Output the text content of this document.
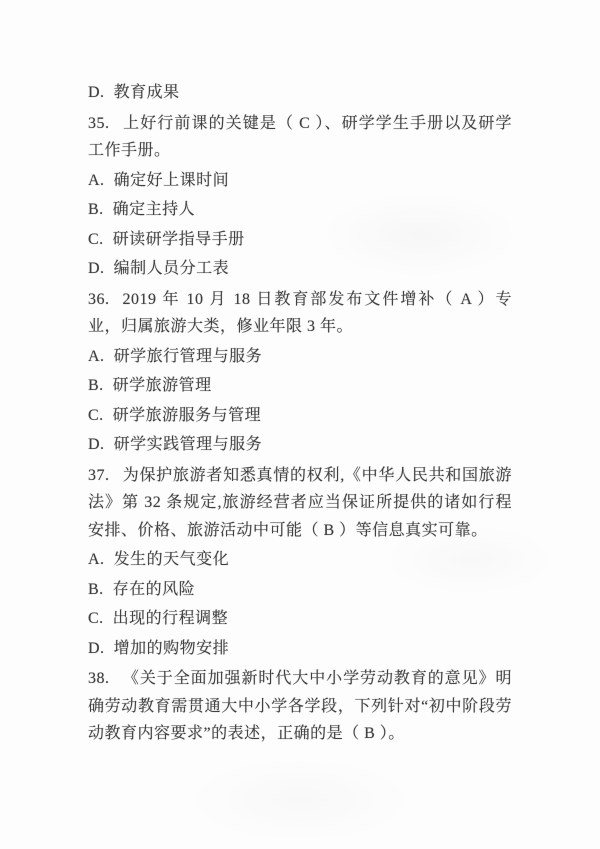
D. 教育成果

35. 上好行前课的关键是（ C ）、研学学生手册以及研学工作手册。

A. 确定好上课时间

B. 确定主持人

C. 研读研学指导手册

D. 编制人员分工表

36. 2019 年 10 月 18 日教育部发布文件增补（ A ）专业，归属旅游大类，修业年限 3 年。

A. 研学旅行管理与服务

B. 研学旅游管理

C. 研学旅游服务与管理

D. 研学实践管理与服务

37. 为保护旅游者知悉真情的权利,《中华人民共和国旅游法》第 32 条规定,旅游经营者应当保证所提供的诸如行程安排、价格、旅游活动中可能（ B ）等信息真实可靠。

A. 发生的天气变化

B. 存在的风险

C. 出现的行程调整

D. 增加的购物安排

38. 《关于全面加强新时代大中小学劳动教育的意见》明确劳动教育需贯通大中小学各学段，下列针对“初中阶段劳动教育内容要求”的表述，正确的是（ B ）。
